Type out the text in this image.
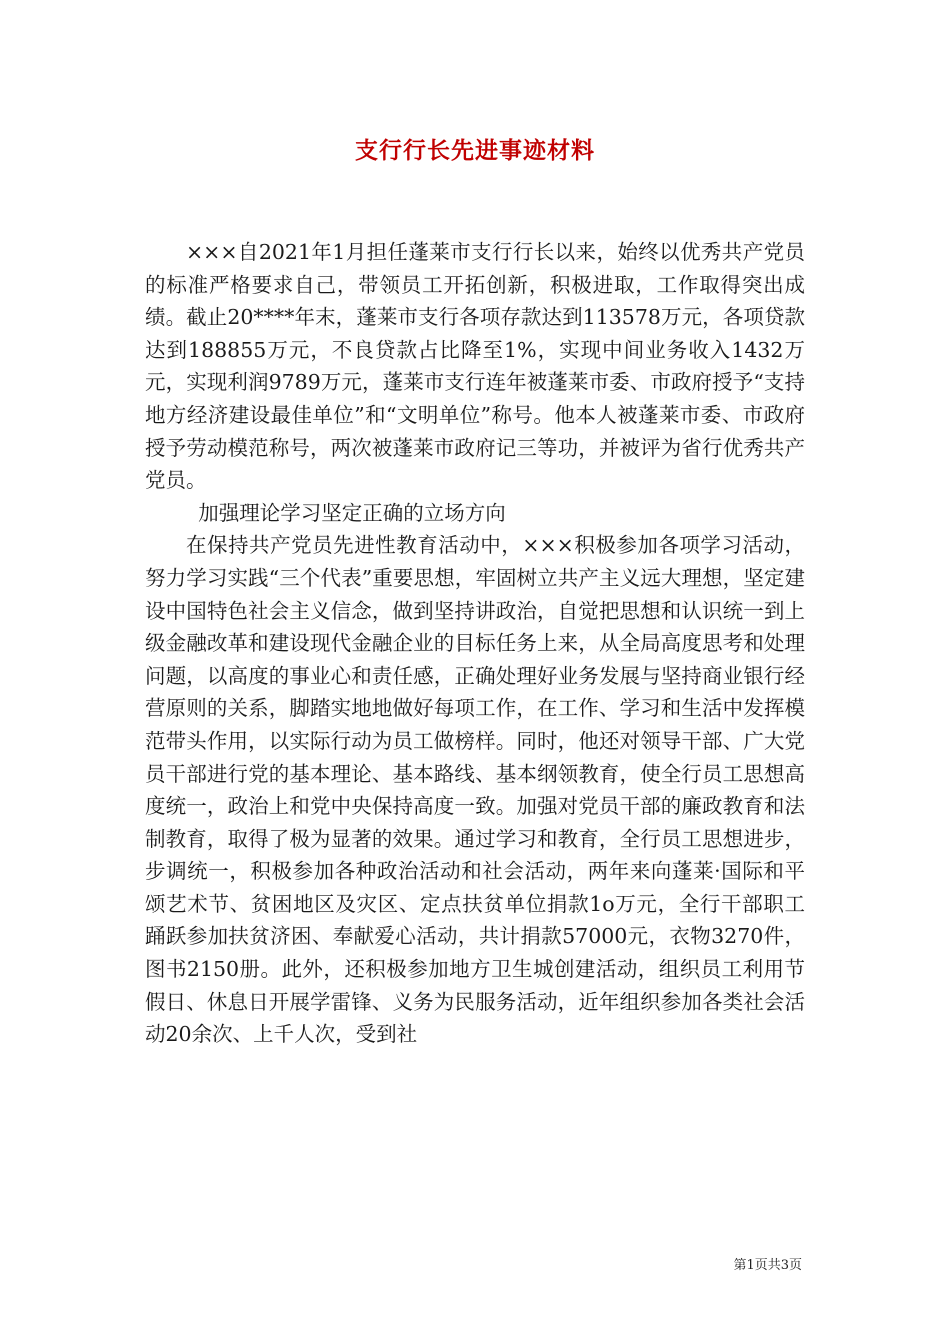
支行行长先进事迹材料

×××自2021年1月担任蓬莱市支行行长以来，始终以优秀共产党员的标准严格要求自己，带领员工开拓创新，积极进取，工作取得突出成绩。截止20****年末，蓬莱市支行各项存款达到113578万元，各项贷款达到188855万元，不良贷款占比降至1%，实现中间业务收入1432万元，实现利润9789万元，蓬莱市支行连年被蓬莱市委、市政府授予“支持地方经济建设最佳单位”和“文明单位”称号。他本人被蓬莱市委、市政府授予劳动模范称号，两次被蓬莱市政府记三等功，并被评为省行优秀共产党员。

加强理论学习坚定正确的立场方向

在保持共产党员先进性教育活动中，×××积极参加各项学习活动，努力学习实践“三个代表”重要思想，牢固树立共产主义远大理想，坚定建设中国特色社会主义信念，做到坚持讲政治，自觉把思想和认识统一到上级金融改革和建设现代金融企业的目标任务上来，从全局高度思考和处理问题，以高度的事业心和责任感，正确处理好业务发展与坚持商业银行经营原则的关系，脚踏实地地做好每项工作，在工作、学习和生活中发挥模范带头作用，以实际行动为员工做榜样。同时，他还对领导干部、广大党员干部进行党的基本理论、基本路线、基本纲领教育，使全行员工思想高度统一，政治上和党中央保持高度一致。加强对党员干部的廉政教育和法制教育，取得了极为显著的效果。通过学习和教育，全行员工思想进步，步调统一，积极参加各种政治活动和社会活动，两年来向蓬莱·国际和平颂艺术节、贫困地区及灾区、定点扶贫单位捐款1o万元，全行干部职工踊跃参加扶贫济困、奉献爱心活动，共计捐款57000元，衣物3270件，图书2150册。此外，还积极参加地方卫生城创建活动，组织员工利用节假日、休息日开展学雷锋、义务为民服务活动，近年组织参加各类社会活动20余次、上千人次，受到社

第1页共3页
